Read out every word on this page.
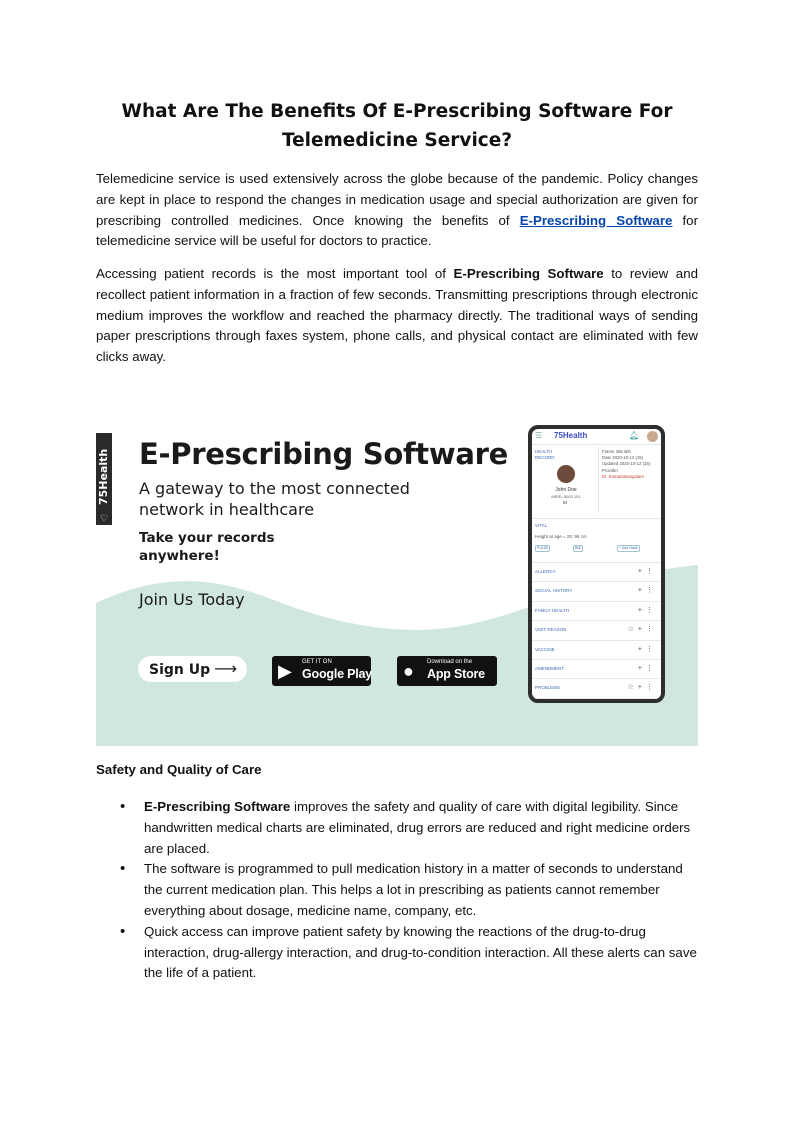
What Are The Benefits Of E-Prescribing Software For Telemedicine Service?

Telemedicine service is used extensively across the globe because of the pandemic. Policy changes are kept in place to respond the changes in medication usage and special authorization are given for prescribing controlled medicines. Once knowing the benefits of E-Prescribing Software for telemedicine service will be useful for doctors to practice.

Accessing patient records is the most important tool of E-Prescribing Software to review and recollect patient information in a fraction of few seconds. Transmitting prescriptions through electronic medium improves the workflow and reached the pharmacy directly. The traditional ways of sending paper prescriptions through faxes system, phone calls, and physical contact are eliminated with few clicks away.

75Health
♡
E-Prescribing Software
A gateway to the most connected network in healthcare
Take your records anywhere!
Join Us Today
Sign Up ⟶	▶ GET IT ON
Google Play ● Download on the
App Store
☰ 75Health	🔔︎
HEALTH RECORD
John Doe
MRID: 5003 101
M
Frame 356 lath
Date 2020-10-12 (15)
Updated 2020-10-12 (15)
Provider
Dr. Kumaramangulam
VITAL
Height at age = 25: 99 cm
PULSE	BMI	+ Add Vitals
ALLERGY	+⋮
SOCIAL HISTORY	+⋮
FAMILY HEALTH	+⋮
VISIT REASON	☆+⋮
VACCINE	+⋮
AMENDMENT	+⋮
PROBLEMS	☆+⋮
Safety and Quality of Care
• E-Prescribing Software improves the safety and quality of care with digital legibility. Since handwritten medical charts are eliminated, drug errors are reduced and right medicine orders are placed.
• The software is programmed to pull medication history in a matter of seconds to understand the current medication plan. This helps a lot in prescribing as patients cannot remember everything about dosage, medicine name, company, etc.
• Quick access can improve patient safety by knowing the reactions of the drug-to-drug interaction, drug-allergy interaction, and drug-to-condition interaction. All these alerts can save the life of a patient.
